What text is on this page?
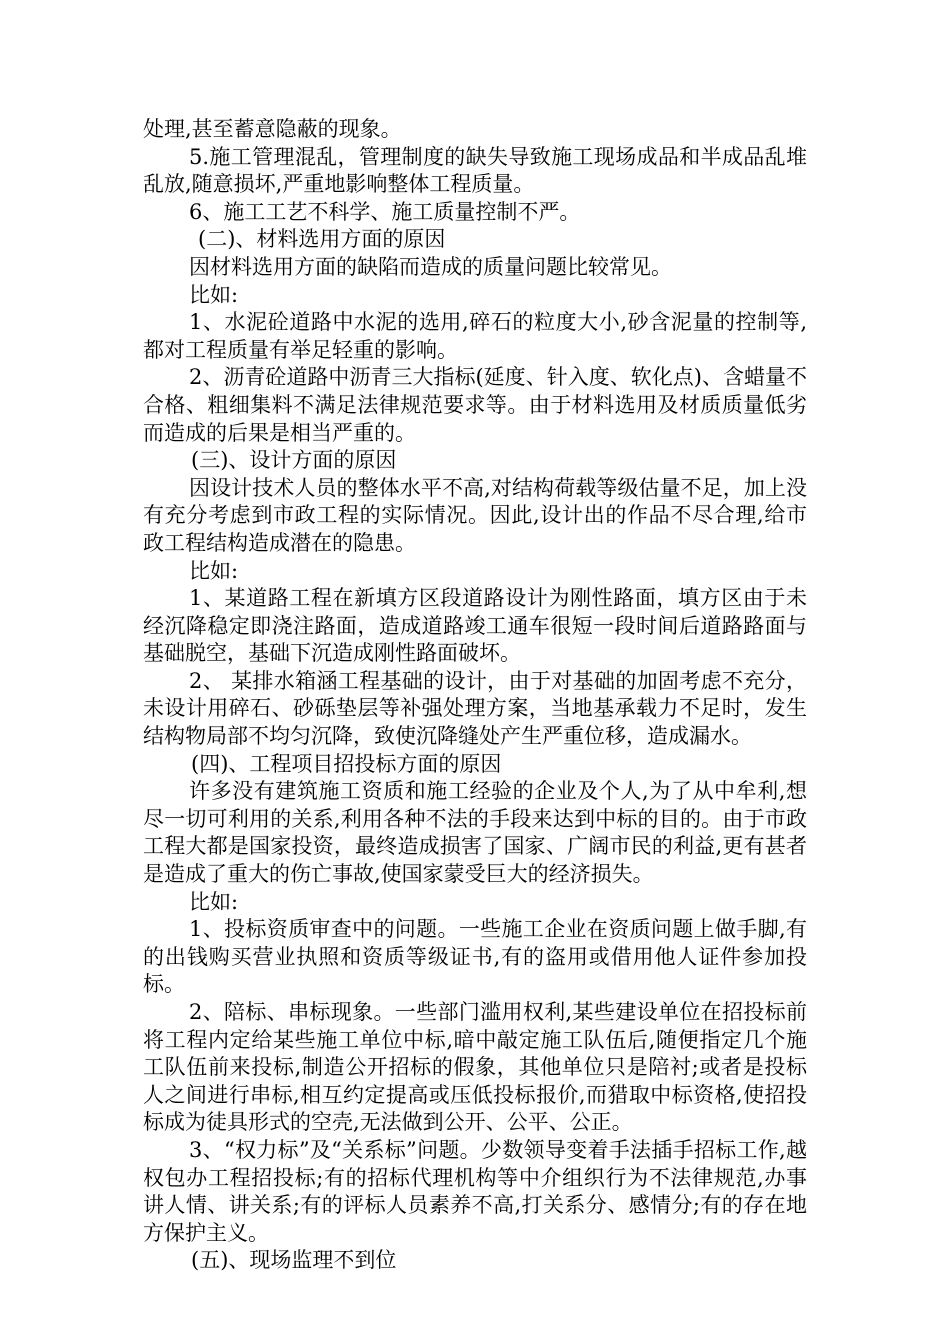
处理,甚至蓄意隐蔽的现象。

5.施工管理混乱，管理制度的缺失导致施工现场成品和半成品乱堆乱放,随意损坏,严重地影响整体工程质量。

6、施工工艺不科学、施工质量控制不严。

(二)、材料选用方面的原因

因材料选用方面的缺陷而造成的质量问题比较常见。

比如:

1、水泥砼道路中水泥的选用,碎石的粒度大小,砂含泥量的控制等,都对工程质量有举足轻重的影响。

2、沥青砼道路中沥青三大指标(延度、针入度、软化点)、含蜡量不合格、粗细集料不满足法律规范要求等。由于材料选用及材质质量低劣而造成的后果是相当严重的。

(三)、设计方面的原因

因设计技术人员的整体水平不高,对结构荷载等级估量不足，加上没有充分考虑到市政工程的实际情况。因此,设计出的作品不尽合理,给市政工程结构造成潜在的隐患。

比如:

1、某道路工程在新填方区段道路设计为刚性路面，填方区由于未经沉降稳定即浇注路面，造成道路竣工通车很短一段时间后道路路面与基础脱空，基础下沉造成刚性路面破坏。

2、 某排水箱涵工程基础的设计，由于对基础的加固考虑不充分，未设计用碎石、砂砾垫层等补强处理方案，当地基承载力不足时，发生结构物局部不均匀沉降，致使沉降缝处产生严重位移，造成漏水。

(四)、工程项目招投标方面的原因

许多没有建筑施工资质和施工经验的企业及个人,为了从中牟利,想尽一切可利用的关系,利用各种不法的手段来达到中标的目的。由于市政工程大都是国家投资，最终造成损害了国家、广阔市民的利益,更有甚者是造成了重大的伤亡事故,使国家蒙受巨大的经济损失。

比如:

1、投标资质审查中的问题。一些施工企业在资质问题上做手脚,有的出钱购买营业执照和资质等级证书,有的盗用或借用他人证件参加投标。

2、陪标、串标现象。一些部门滥用权利,某些建设单位在招投标前将工程内定给某些施工单位中标,暗中敲定施工队伍后,随便指定几个施工队伍前来投标,制造公开招标的假象，其他单位只是陪衬;或者是投标人之间进行串标,相互约定提高或压低投标报价,而猎取中标资格,使招投标成为徒具形式的空壳,无法做到公开、公平、公正。

3、“权力标”及“关系标”问题。少数领导变着手法插手招标工作,越权包办工程招投标;有的招标代理机构等中介组织行为不法律规范,办事讲人情、讲关系;有的评标人员素养不高,打关系分、感情分;有的存在地方保护主义。

(五)、现场监理不到位
